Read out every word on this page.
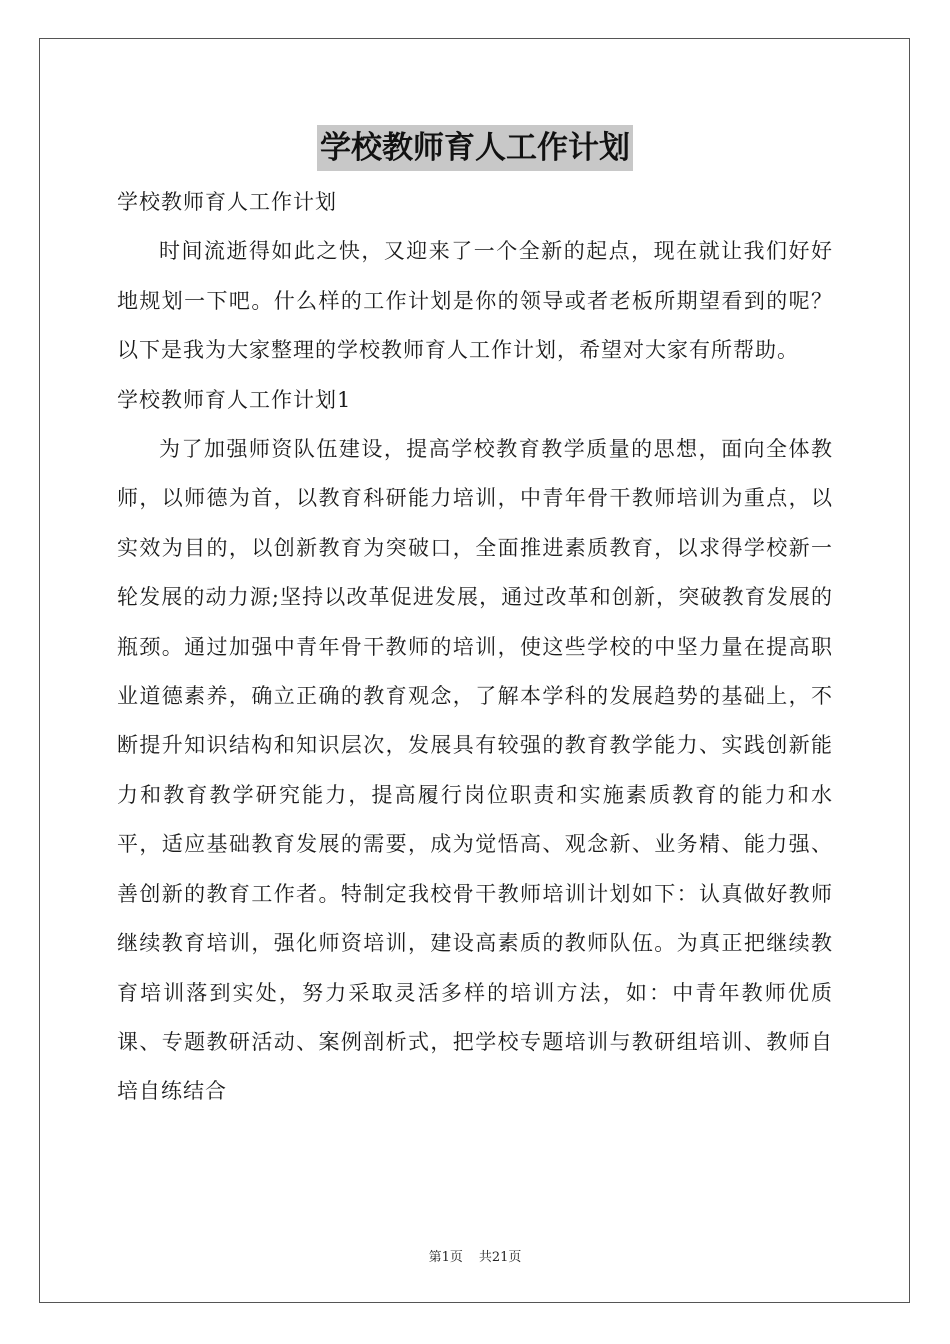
学校教师育人工作计划

学校教师育人工作计划

时间流逝得如此之快，又迎来了一个全新的起点，现在就让我们好好地规划一下吧。什么样的工作计划是你的领导或者老板所期望看到的呢？以下是我为大家整理的学校教师育人工作计划，希望对大家有所帮助。

学校教师育人工作计划1

为了加强师资队伍建设，提高学校教育教学质量的思想，面向全体教师，以师德为首，以教育科研能力培训，中青年骨干教师培训为重点，以实效为目的，以创新教育为突破口，全面推进素质教育，以求得学校新一轮发展的动力源;坚持以改革促进发展，通过改革和创新，突破教育发展的瓶颈。通过加强中青年骨干教师的培训，使这些学校的中坚力量在提高职业道德素养，确立正确的教育观念，了解本学科的发展趋势的基础上，不断提升知识结构和知识层次，发展具有较强的教育教学能力、实践创新能力和教育教学研究能力，提高履行岗位职责和实施素质教育的能力和水平，适应基础教育发展的需要，成为觉悟高、观念新、业务精、能力强、善创新的教育工作者。特制定我校骨干教师培训计划如下：认真做好教师继续教育培训，强化师资培训，建设高素质的教师队伍。为真正把继续教育培训落到实处，努力采取灵活多样的培训方法，如：中青年教师优质课、专题教研活动、案例剖析式，把学校专题培训与教研组培训、教师自培自练结合

第1页 共21页
